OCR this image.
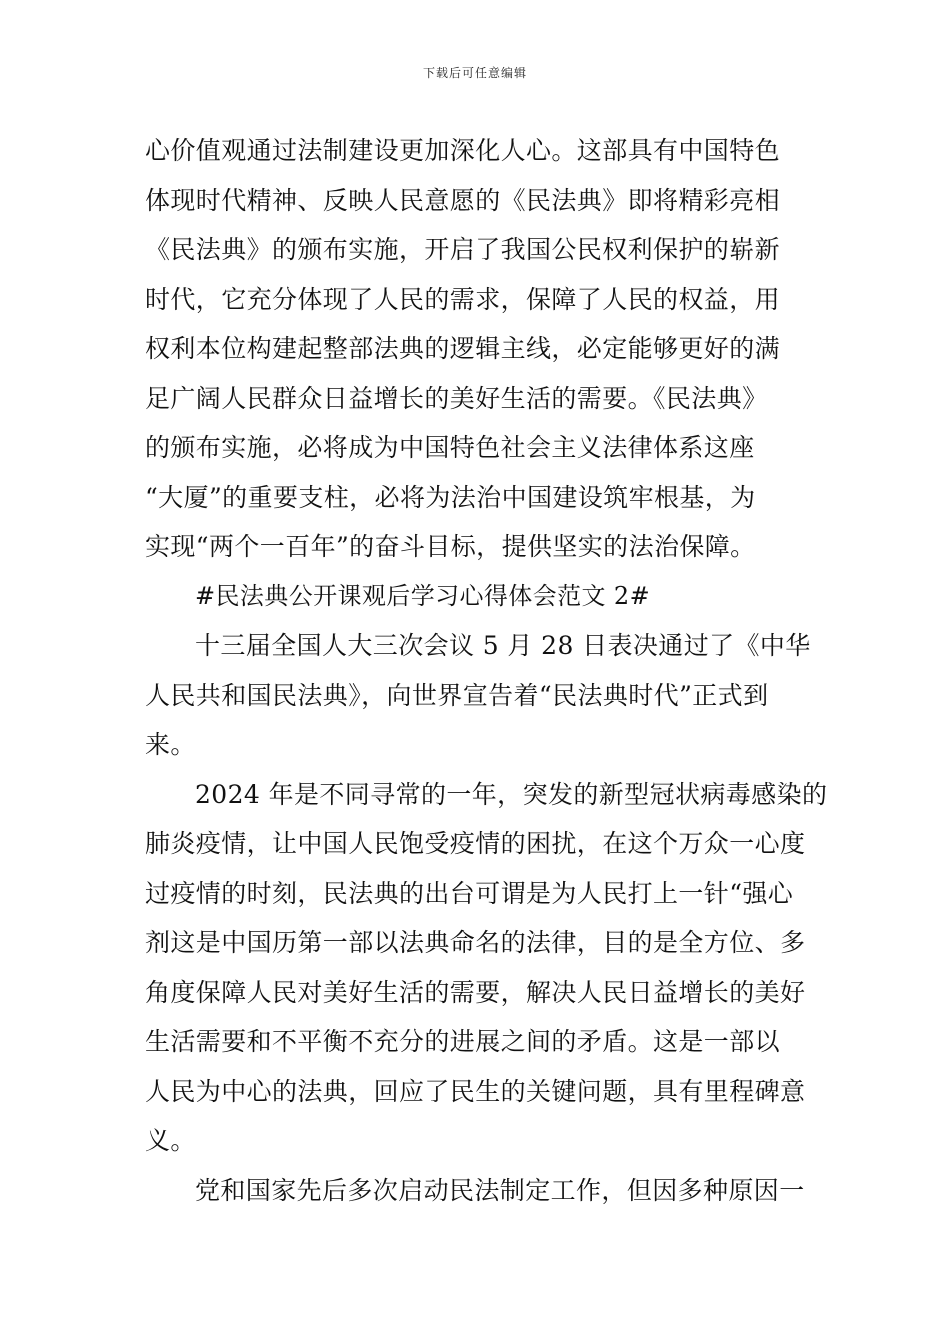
下载后可任意编辑
心价值观通过法制建设更加深化人心。这部具有中国特色
体现时代精神、反映人民意愿的《民法典》即将精彩亮相
《民法典》的颁布实施，开启了我国公民权利保护的崭新
时代，它充分体现了人民的需求，保障了人民的权益，用
权利本位构建起整部法典的逻辑主线，必定能够更好的满
足广阔人民群众日益增长的美好生活的需要。《民法典》
的颁布实施，必将成为中国特色社会主义法律体系这座
“大厦”的重要支柱，必将为法治中国建设筑牢根基，为
实现“两个一百年”的奋斗目标，提供坚实的法治保障。
#民法典公开课观后学习心得体会范文 2#
十三届全国人大三次会议 5 月 28 日表决通过了《中华
人民共和国民法典》，向世界宣告着“民法典时代”正式到
来。
2024 年是不同寻常的一年，突发的新型冠状病毒感染的
肺炎疫情，让中国人民饱受疫情的困扰，在这个万众一心度
过疫情的时刻，民法典的出台可谓是为人民打上一针“强心
剂这是中国历第一部以法典命名的法律，目的是全方位、多
角度保障人民对美好生活的需要，解决人民日益增长的美好
生活需要和不平衡不充分的进展之间的矛盾。这是一部以
人民为中心的法典，回应了民生的关键问题，具有里程碑意
义。
党和国家先后多次启动民法制定工作，但因多种原因一
